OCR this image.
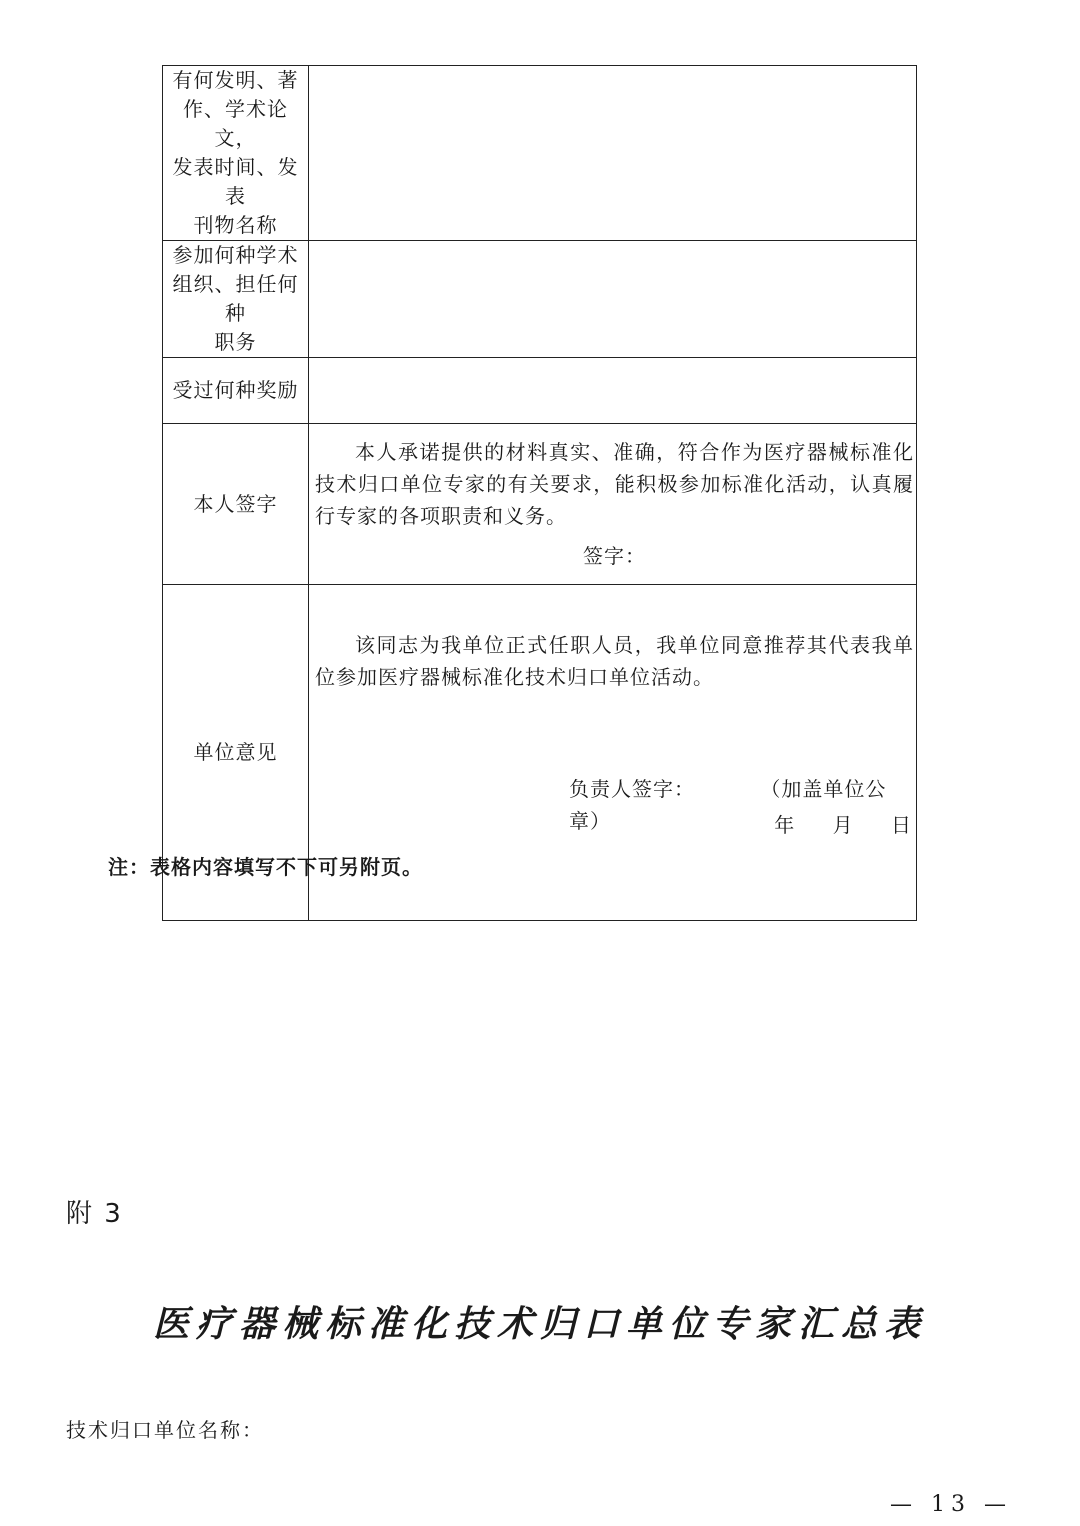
有何发明、著
作、学术论文，
发表时间、发表
刊物名称	

参加何种学术
组织、担任何种
职务	

受过何种奖励	

本人签字	本人承诺提供的材料真实、准确，符合作为医疗器械标准化技术归口单位专家的有关要求，能积极参加标准化活动，认真履行专家的各项职责和义务。

签字：

单位意见	该同志为我单位正式任职人员，我单位同意推荐其代表我单位参加医疗器械标准化技术归口单位活动。

负责人签字： （加盖单位公章） 年 月 日
注：表格内容填写不下可另附页。
附 3
医疗器械标准化技术归口单位专家汇总表
技术归口单位名称：
— 13 —
